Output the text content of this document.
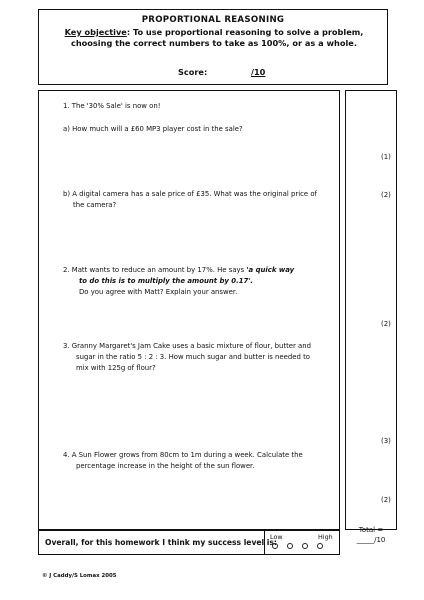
PROPORTIONAL REASONING
Key objective: To use proportional reasoning to solve a problem, choosing the correct numbers to take as 100%, or as a whole.
Score:	/10
1. The '30% Sale' is now on!
a) How much will a £60 MP3 player cost in the sale?
b) A digital camera has a sale price of £35. What was the original price of
the camera?
2. Matt wants to reduce an amount by 17%. He says 'a quick way
to do this is to multiply the amount by 0.17'.
Do you agree with Matt? Explain your answer.
3. Granny Margaret's Jam Cake uses a basic mixture of flour, butter and
sugar in the ratio 5 : 2 : 3. How much sugar and butter is needed to
mix with 125g of flour?
4. A Sun Flower grows from 80cm to 1m during a week. Calculate the
percentage increase in the height of the sun flower.
(1)
(2)
(2)
(3)
(2)
Overall, for this homework I think my success level is:
Low	High
Total =
_____/10
© J Caddy/S Lomax 2005
